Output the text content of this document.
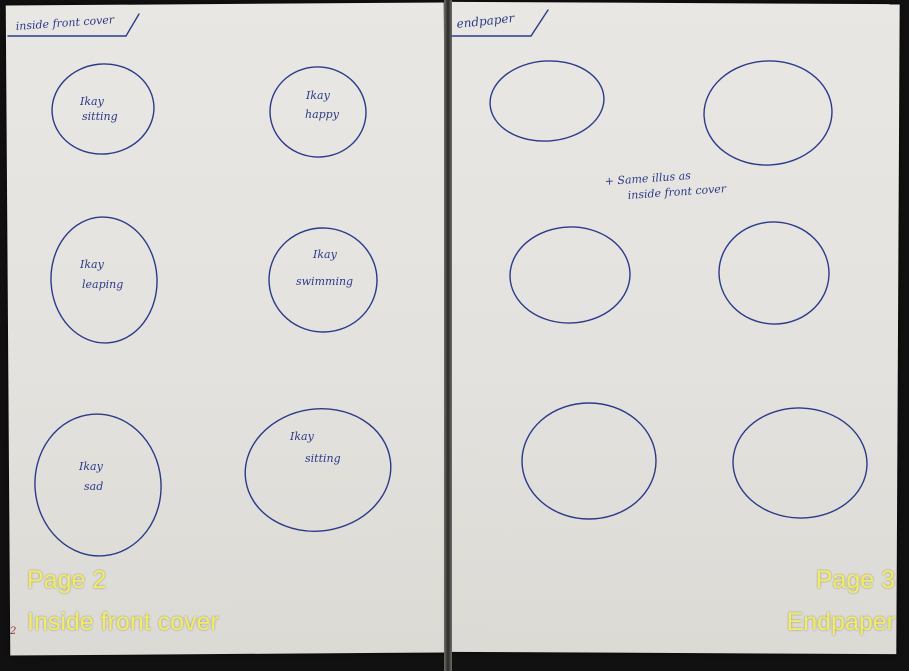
inside front cover	endpaper
Ikay
sitting
Ikay
happy
Ikay
leaping
Ikay
swimming
Ikay
sad
Ikay
sitting
+ Same illus as
inside front cover
2
Page 2
Inside front cover
Page 3
Endpaper
